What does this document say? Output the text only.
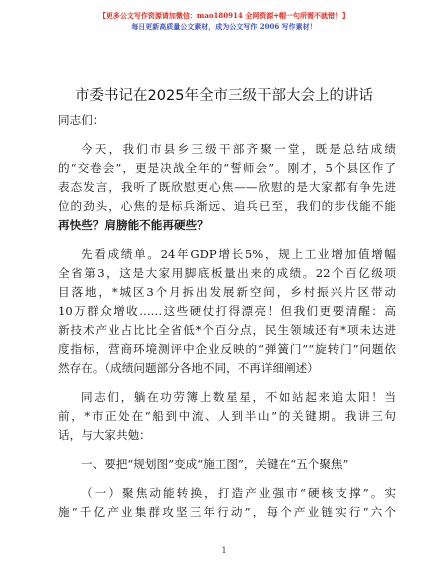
【更多公文写作资源请加微信：mao180914 全网资源+帽一句所需不就错！】
每日更新高质量公文素材，成为公文写作 2006 写作素材！
市委书记在2025年全市三级干部大会上的讲话
同志们：
今天，我们市县乡三级干部齐聚一堂，既是总结成绩
的“交卷会”，更是决战全年的“誓师会”。刚才，5个县区作了
表态发言，我听了既欣慰更心焦——欣慰的是大家都有争先进
位的劲头，心焦的是标兵渐远、追兵已至，我们的步伐能不能
再快些？肩膀能不能再硬些？
先看成绩单。24年GDP增长5%，规上工业增加值增幅
全省第3，这是大家用脚底板量出来的成绩。22个百亿级项
目落地，*城区3个月拆出发展新空间，乡村振兴片区带动
10万群众增收……这些硬仗打得漂亮！但我们更要清醒：高
新技术产业占比比全省低*个百分点，民生领域还有*项未达进
度指标，营商环境测评中企业反映的“弹簧门”“旋转门”问题依
然存在。（成绩问题部分各地不同，不再详细阐述）
同志们，躺在功劳簿上数星星，不如站起来追太阳！当
前，*市正处在“船到中流、人到半山”的关键期。我讲三句
话，与大家共勉：
一、要把“规划图”变成“施工图”，关键在“五个聚焦”
（一）聚焦动能转换，打造产业强市“硬核支撑”。实
施“千亿产业集群攻坚三年行动”，每个产业链实行“六个
1
